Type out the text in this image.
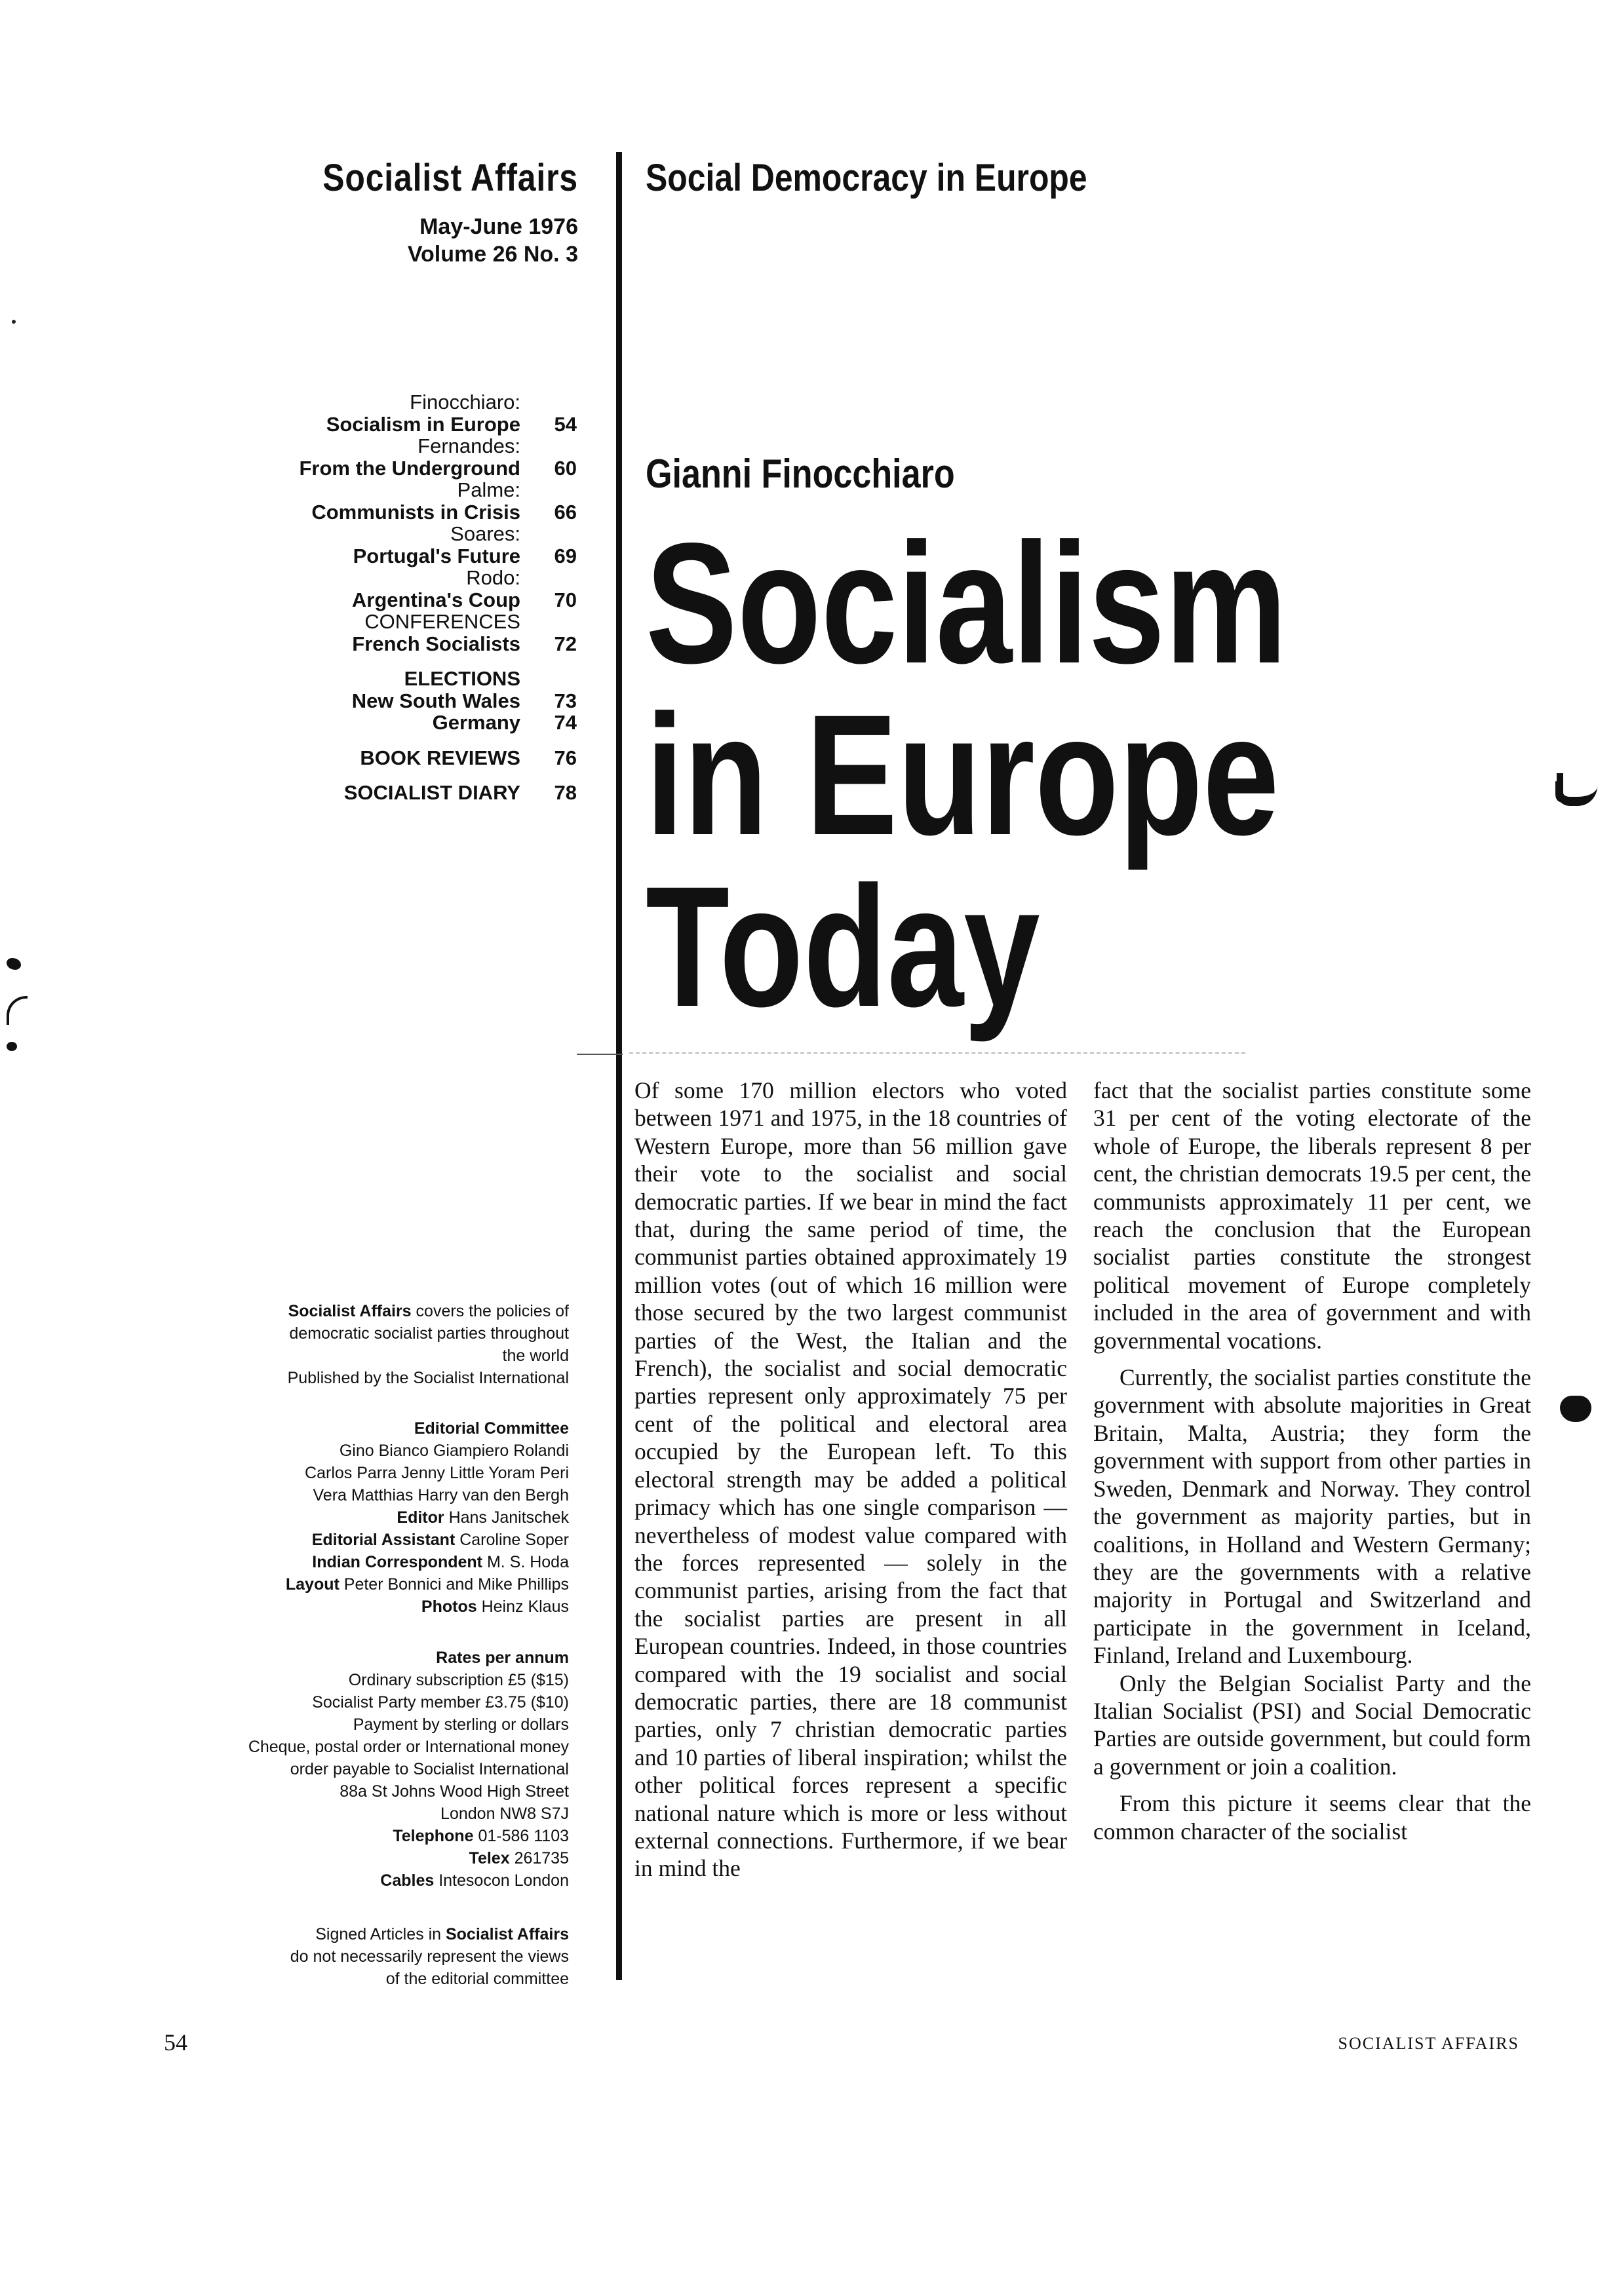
Socialist Affairs
May-June 1976
Volume 26 No. 3
Social Democracy in Europe
Finocchiaro:
Socialism in Europe	54
Fernandes:
From the Underground	60
Palme:
Communists in Crisis	66
Soares:
Portugal's Future	69
Rodo:
Argentina's Coup	70
CONFERENCES
French Socialists	72
ELECTIONS
New South Wales	73
Germany	74
BOOK REVIEWS	76
SOCIALIST DIARY	78
Socialist Affairs covers the policies of
democratic socialist parties throughout
the world
Published by the Socialist International
Editorial Committee
Gino Bianco Giampiero Rolandi
Carlos Parra Jenny Little Yoram Peri
Vera Matthias Harry van den Bergh
Editor Hans Janitschek
Editorial Assistant Caroline Soper
Indian Correspondent M. S. Hoda
Layout Peter Bonnici and Mike Phillips
Photos Heinz Klaus
Rates per annum
Ordinary subscription £5 ($15)
Socialist Party member £3.75 ($10)
Payment by sterling or dollars
Cheque, postal order or International money
order payable to Socialist International
88a St Johns Wood High Street
London NW8 S7J
Telephone 01-586 1103
Telex 261735
Cables Intesocon London
Signed Articles in Socialist Affairs
do not necessarily represent the views
of the editorial committee
Gianni Finocchiaro
Socialism
in Europe
Today

Of some 170 million electors who voted between 1971 and 1975, in the 18 countries of Western Europe, more than 56 million gave their vote to the socialist and social democratic parties. If we bear in mind the fact that, during the same period of time, the communist parties obtained approximately 19 million votes (out of which 16 million were those secured by the two largest communist parties of the West, the Italian and the French), the socialist and social democratic parties represent only approximately 75 per cent of the political and electoral area occupied by the European left. To this electoral strength may be added a political primacy which has one single comparison — nevertheless of modest value compared with the forces represented — solely in the communist parties, arising from the fact that the socialist parties are present in all European countries. Indeed, in those countries compared with the 19 socialist and social democratic parties, there are 18 communist parties, only 7 christian democratic parties and 10 parties of liberal inspiration; whilst the other political forces represent a specific national nature which is more or less without external connections. Furthermore, if we bear in mind the

fact that the socialist parties constitute some 31 per cent of the voting electorate of the whole of Europe, the liberals represent 8 per cent, the christian democrats 19.5 per cent, the communists approximately 11 per cent, we reach the conclusion that the European socialist parties constitute the strongest political movement of Europe completely included in the area of government and with governmental vocations.

Currently, the socialist parties constitute the government with absolute majorities in Great Britain, Malta, Austria; they form the government with support from other parties in Sweden, Denmark and Norway. They control the government as majority parties, but in coalitions, in Holland and Western Germany; they are the governments with a relative majority in Portugal and Switzerland and participate in the government in Iceland, Finland, Ireland and Luxembourg.

Only the Belgian Socialist Party and the Italian Socialist (PSI) and Social Democratic Parties are outside government, but could form a government or join a coalition.

From this picture it seems clear that the common character of the socialist

54	SOCIALIST AFFAIRS
ɩ
